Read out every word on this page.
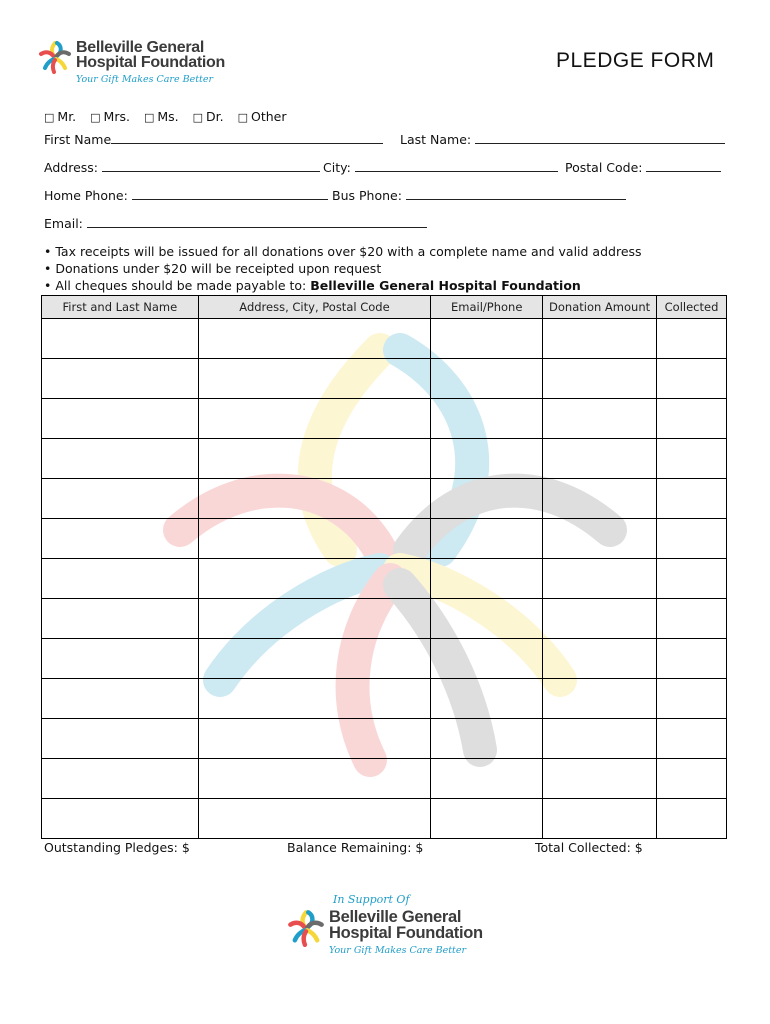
Belleville General
Hospital Foundation
Your Gift Makes Care Better
PLEDGE FORM
□ Mr. □ Mrs. □ Ms. □ Dr. □ Other
First Name	Last Name:
Address:	City:	Postal Code:
Home Phone:	Bus Phone:
Email:
• Tax receipts will be issued for all donations over $20 with a complete name and valid address
• Donations under $20 will be receipted upon request
• All cheques should be made payable to: Belleville General Hospital Foundation
First and Last Name	Address, City, Postal Code	Email/Phone	Donation Amount	Collected

Outstanding Pledges: $	Balance Remaining: $	Total Collected: $
In Support Of
Belleville General
Hospital Foundation
Your Gift Makes Care Better
